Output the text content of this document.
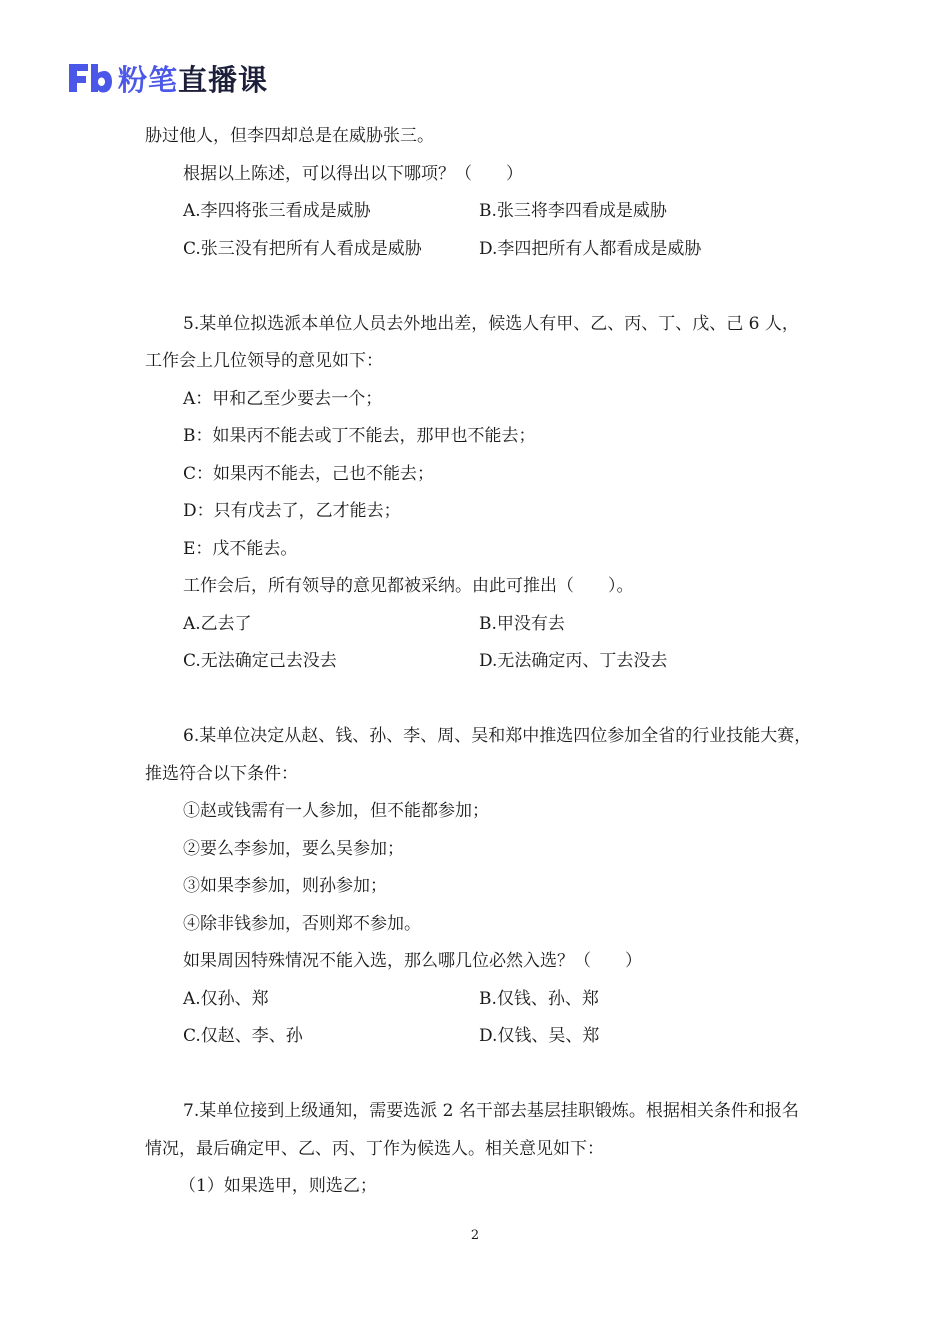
粉笔直播课
胁过他人，但李四却总是在威胁张三。
根据以上陈述，可以得出以下哪项？（　　）
A.李四将张三看成是威胁	B.张三将李四看成是威胁
C.张三没有把所有人看成是威胁	D.李四把所有人都看成是威胁
5.某单位拟选派本单位人员去外地出差，候选人有甲、乙、丙、丁、戊、己 6 人，工作会上几位领导的意见如下：
A：甲和乙至少要去一个；
B：如果丙不能去或丁不能去，那甲也不能去；
C：如果丙不能去，己也不能去；
D：只有戊去了，乙才能去；
E：戊不能去。
工作会后，所有领导的意见都被采纳。由此可推出（　　）。
A.乙去了	B.甲没有去
C.无法确定己去没去	D.无法确定丙、丁去没去
6.某单位决定从赵、钱、孙、李、周、吴和郑中推选四位参加全省的行业技能大赛，推选符合以下条件：
①赵或钱需有一人参加，但不能都参加；
②要么李参加，要么吴参加；
③如果李参加，则孙参加；
④除非钱参加，否则郑不参加。
如果周因特殊情况不能入选，那么哪几位必然入选？（　　）
A.仅孙、郑	B.仅钱、孙、郑
C.仅赵、李、孙	D.仅钱、吴、郑
7.某单位接到上级通知，需要选派 2 名干部去基层挂职锻炼。根据相关条件和报名情况，最后确定甲、乙、丙、丁作为候选人。相关意见如下：
（1）如果选甲，则选乙；
2
